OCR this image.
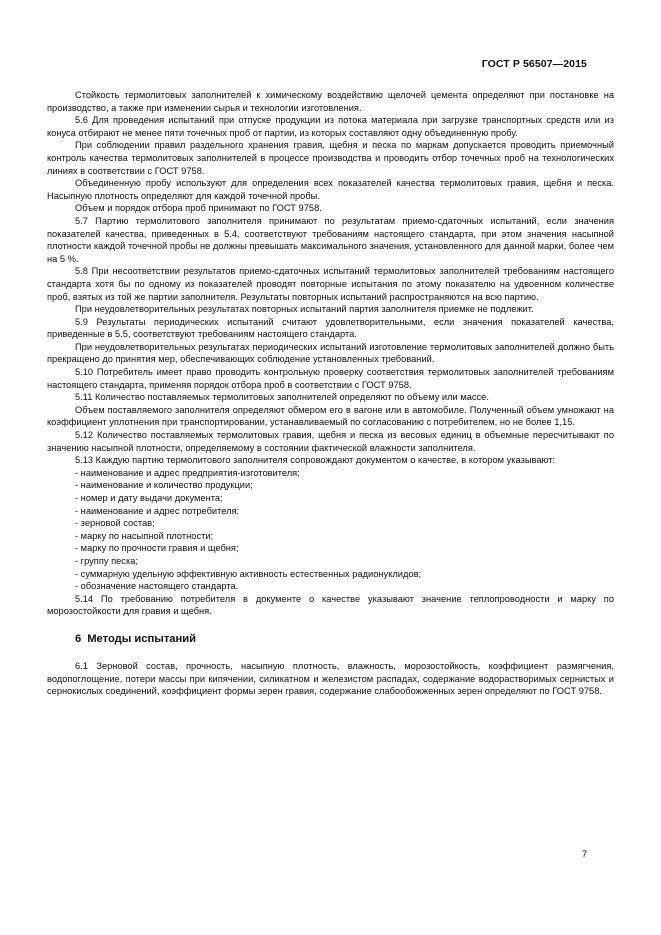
ГОСТ Р 56507—2015

Стойкость термолитовых заполнителей к химическому воздействию щелочей цемента определяют при постановке на производство, а также при изменении сырья и технологии изготовления.

5.6 Для проведения испытаний при отпуске продукции из потока материала при загрузке транспортных средств или из конуса отбирают не менее пяти точечных проб от партии, из которых составляют одну объединенную пробу.

При соблюдении правил раздельного хранения гравия, щебня и песка по маркам допускается проводить приемочный контроль качества термолитовых заполнителей в процессе производства и проводить отбор точечных проб на технологических линиях в соответствии с ГОСТ 9758.

Объединенную пробу используют для определения всех показателей качества термолитовых гравия, щебня и песка. Насыпную плотность определяют для каждой точечной пробы.

Объем и порядок отбора проб принимают по ГОСТ 9758.

5.7 Партию термолитового заполнителя принимают по результатам приемо-сдаточных испытаний, если значения показателей качества, приведенных в 5.4, соответствуют требованиям настоящего стандарта, при этом значения насыпной плотности каждой точечной пробы не должны превышать максимального значения, установленного для данной марки, более чем на 5 %.

5.8 При несоответствии результатов приемо-сдаточных испытаний термолитовых заполнителей требованиям настоящего стандарта хотя бы по одному из показателей проводят повторные испытания по этому показателю на удвоенном количестве проб, взятых из той же партии заполнителя. Результаты повторных испытаний распространяются на всю партию.

При неудовлетворительных результатах повторных испытаний партия заполнителя приемке не подлежит.

5.9 Результаты периодических испытаний считают удовлетворительными, если значения показателей качества, приведенные в 5.5, соответствуют требованиям настоящего стандарта.

При неудовлетворительных результатах периодических испытаний изготовление термолитовых заполнителей должно быть прекращено до принятия мер, обеспечивающих соблюдение установленных требований.

5.10 Потребитель имеет право проводить контрольную проверку соответствия термолитовых заполнителей требованиям настоящего стандарта, применяя порядок отбора проб в соответствии с ГОСТ 9758.

5.11 Количество поставляемых термолитовых заполнителей определяют по объему или массе.

Объем поставляемого заполнителя определяют обмером его в вагоне или в автомобиле. Полученный объем умножают на коэффициент уплотнения при транспортировании, устанавливаемый по согласованию с потребителем, но не более 1,15.

5.12 Количество поставляемых термолитовых гравия, щебня и песка из весовых единиц в объемные пересчитывают по значению насыпной плотности, определяемому в состоянии фактической влажности заполнителя.

5.13 Каждую партию термолитового заполнителя сопровождают документом о качестве, в котором указывают:

- наименование и адрес предприятия-изготовителя;
- наименование и количество продукции;
- номер и дату выдачи документа;
- наименование и адрес потребителя;
- зерновой состав;
- марку по насыпной плотности;
- марку по прочности гравия и щебня;
- группу песка;
- суммарную удельную эффективную активность естественных радионуклидов;
- обозначение настоящего стандарта.

5.14 По требованию потребителя в документе о качестве указывают значение теплопроводности и марку по морозостойкости для гравия и щебня.

6 Методы испытаний

6.1 Зерновой состав, прочность, насыпную плотность, влажность, морозостойкость, коэффициент размягчения, водопоглощение, потери массы при кипячении, силикатном и железистом распадах, содержание водорастворимых сернистых и сернокислых соединений, коэффициент формы зерен гравия, содержание слабообожженных зерен определяют по ГОСТ 9758.

7
